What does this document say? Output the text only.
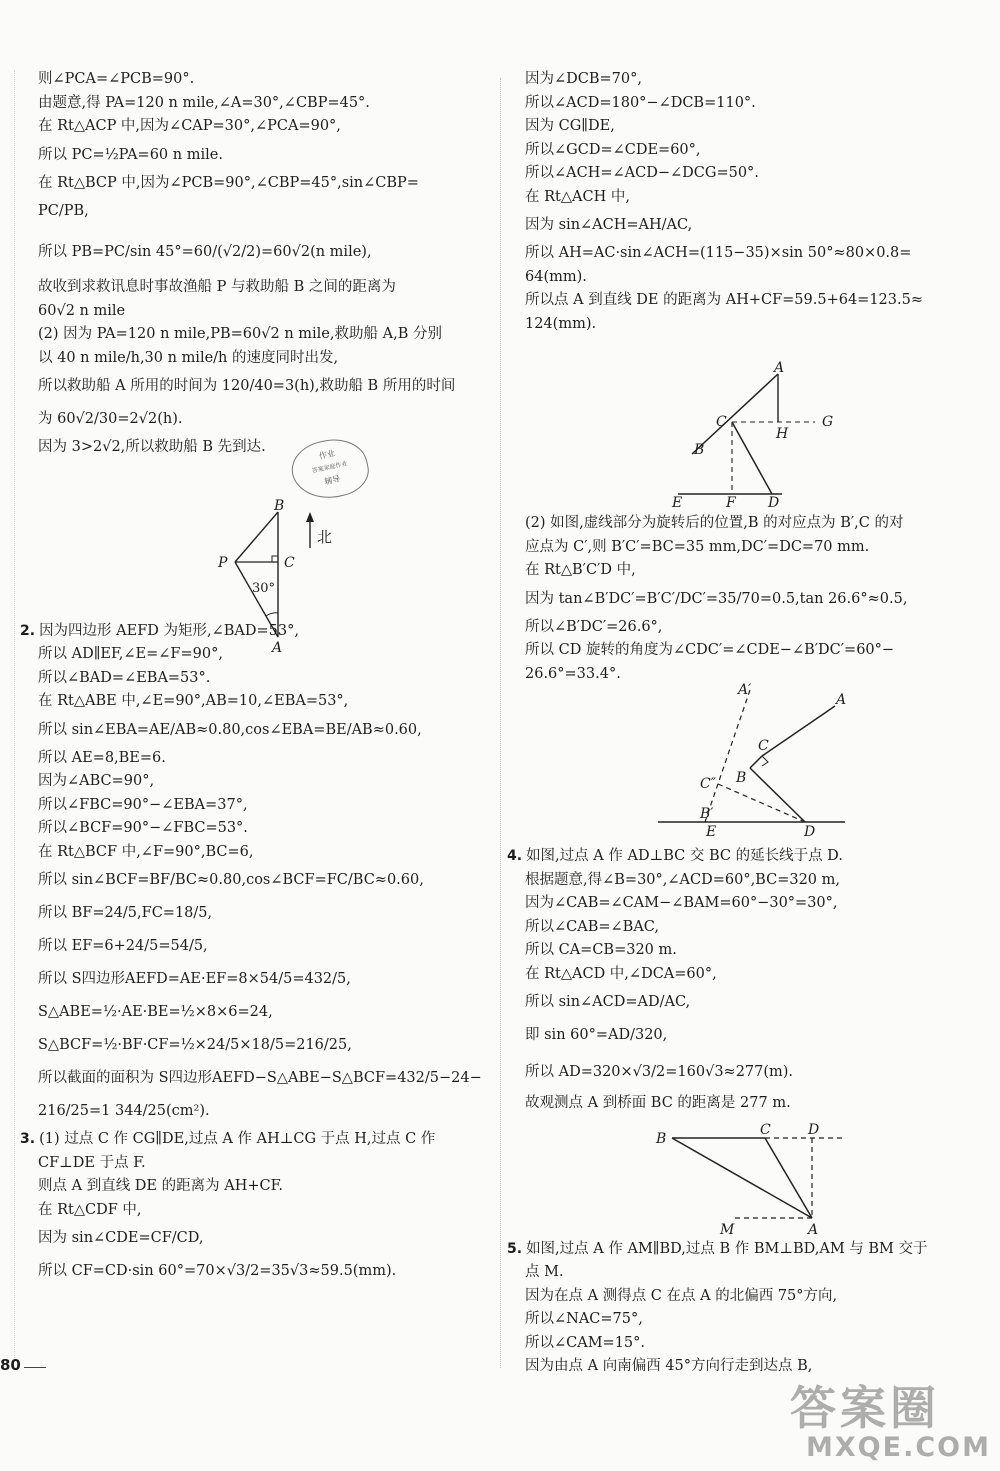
则∠PCA=∠PCB=90°.

由题意,得 PA=120 n mile,∠A=30°,∠CBP=45°.

在 Rt△ACP 中,因为∠CAP=30°,∠PCA=90°,

所以 PC=½PA=60 n mile.

在 Rt△BCP 中,因为∠PCB=90°,∠CBP=45°,sin∠CBP=

PC/PB,

所以 PB=PC/sin 45°=60/(√2/2)=60√2(n mile),

故收到求救讯息时事故渔船 P 与救助船 B 之间的距离为

60√2 n mile

(2) 因为 PA=120 n mile,PB=60√2 n mile,救助船 A,B 分别

以 40 n mile/h,30 n mile/h 的速度同时出发,

所以救助船 A 所用的时间为 120/40=3(h),救助船 B 所用的时间

为 60√2/30=2√2(h).

因为 3>2√2,所以救助船 B 先到达.

2. 因为四边形 AEFD 为矩形,∠BAD=53°,

所以 AD∥EF,∠E=∠F=90°,

所以∠BAD=∠EBA=53°.

在 Rt△ABE 中,∠E=90°,AB=10,∠EBA=53°,

所以 sin∠EBA=AE/AB≈0.80,cos∠EBA=BE/AB≈0.60,

所以 AE=8,BE=6.

因为∠ABC=90°,

所以∠FBC=90°−∠EBA=37°,

所以∠BCF=90°−∠FBC=53°.

在 Rt△BCF 中,∠F=90°,BC=6,

所以 sin∠BCF=BF/BC≈0.80,cos∠BCF=FC/BC≈0.60,

所以 BF=24/5,FC=18/5,

所以 EF=6+24/5=54/5,

所以 S四边形AEFD=AE·EF=8×54/5=432/5,

S△ABE=½·AE·BE=½×8×6=24,

S△BCF=½·BF·CF=½×24/5×18/5=216/25,

所以截面的面积为 S四边形AEFD−S△ABE−S△BCF=432/5−24−

216/25=1 344/25(cm²).

3. (1) 过点 C 作 CG∥DE,过点 A 作 AH⊥CG 于点 H,过点 C 作

CF⊥DE 于点 F.

则点 A 到直线 DE 的距离为 AH+CF.

在 Rt△CDF 中,

因为 sin∠CDE=CF/CD,

所以 CF=CD·sin 60°=70×√3/2=35√3≈59.5(mm).

B
P	C
30°
A
北
作业
答案家庭作业
辅导

因为∠DCB=70°,

所以∠ACD=180°−∠DCB=110°.

因为 CG∥DE,

所以∠GCD=∠CDE=60°,

所以∠ACH=∠ACD−∠DCG=50°.

在 Rt△ACH 中,

因为 sin∠ACH=AH/AC,

所以 AH=AC·sin∠ACH=(115−35)×sin 50°≈80×0.8=

64(mm).

所以点 A 到直线 DE 的距离为 AH+CF=59.5+64=123.5≈

124(mm).

(2) 如图,虚线部分为旋转后的位置,B 的对应点为 B′,C 的对

应点为 C′,则 B′C′=BC=35 mm,DC′=DC=70 mm.

在 Rt△B′C′D 中,

因为 tan∠B′DC′=B′C′/DC′=35/70=0.5,tan 26.6°≈0.5,

所以∠B′DC′=26.6°,

所以 CD 旋转的角度为∠CDC′=∠CDE−∠B′DC′=60°−

26.6°=33.4°.

4. 如图,过点 A 作 AD⊥BC 交 BC 的延长线于点 D.

根据题意,得∠B=30°,∠ACD=60°,BC=320 m,

因为∠CAB=∠CAM−∠BAM=60°−30°=30°,

所以∠CAB=∠BAC,

所以 CA=CB=320 m.

在 Rt△ACD 中,∠DCA=60°,

所以 sin∠ACD=AD/AC,

即 sin 60°=AD/320,

所以 AD=320×√3/2=160√3≈277(m).

故观测点 A 到桥面 BC 的距离是 277 m.

5. 如图,过点 A 作 AM∥BD,过点 B 作 BM⊥BD,AM 与 BM 交于

点 M.

因为在点 A 测得点 C 在点 A 的北偏西 75°方向,

所以∠NAC=75°,

所以∠CAM=15°.

因为由点 A 向南偏西 45°方向行走到达点 B,

A
C
H
G
B
E	F D
A′
A
C
B
C″
B′
E	D
B
C	D
M	A
80
答案圈
MXQE.COM
